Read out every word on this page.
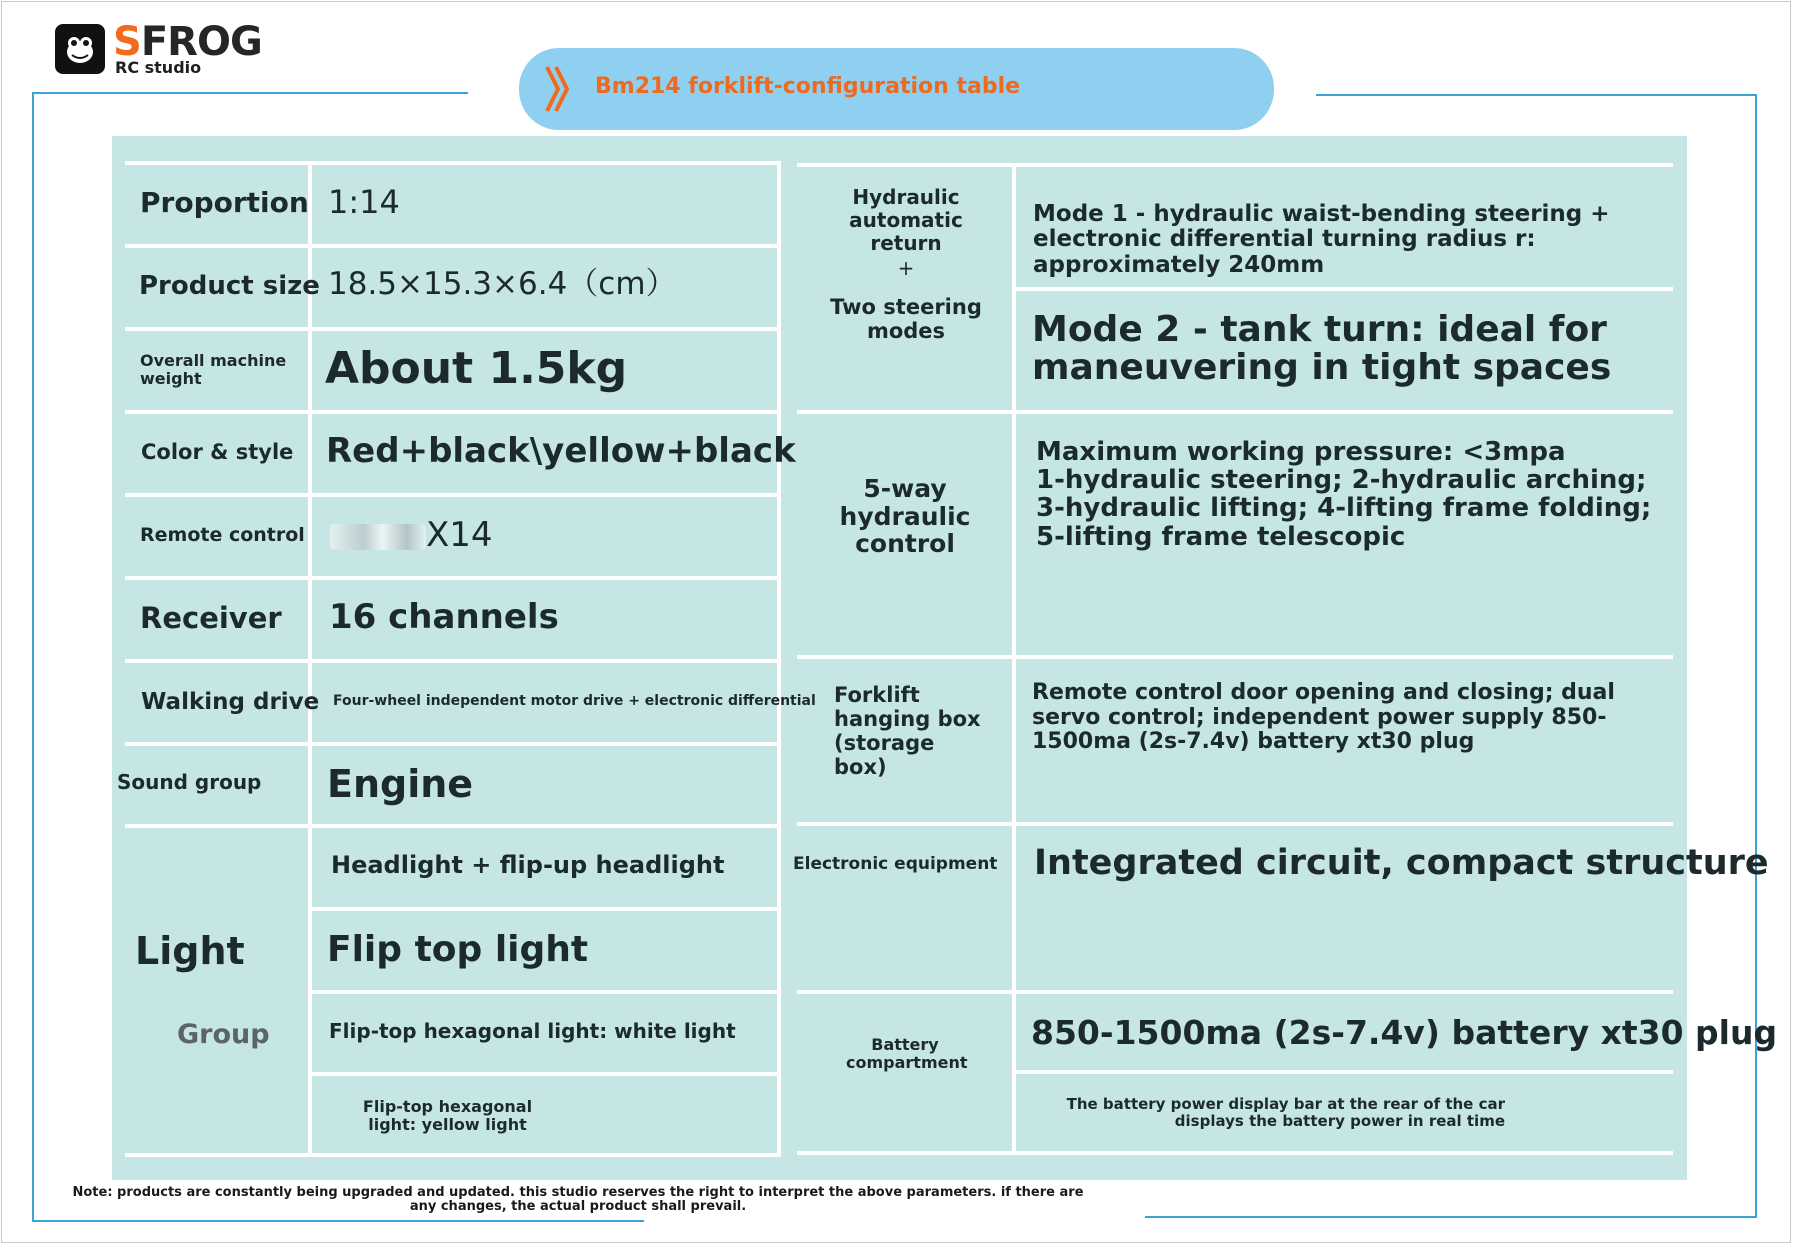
SFROG
RC studio
Bm214 forklift-configuration table
Proportion 1:14
Product size 18.5×15.3×6.4（cm）
Overall machine weight	About 1.5kg
Color & style Red+black\yellow+black
Remote control	X14
Receiver 16 channels
Walking drive Four-wheel independent motor drive + electronic differential
Sound group Engine
Light
Group
Headlight + flip-up headlight
Flip top light
Flip-top hexagonal light: white light
Flip-top hexagonal light: yellow light
Hydraulic automatic return
+
Two steering modes
Mode 1 - hydraulic waist-bending steering + electronic differential turning radius r: approximately 240mm
Mode 2 - tank turn: ideal for maneuvering in tight spaces
5-way hydraulic control
Maximum working pressure: <3mpa
1-hydraulic steering; 2-hydraulic arching;
3-hydraulic lifting; 4-lifting frame folding;
5-lifting frame telescopic
Forklift hanging box (storage box)
Remote control door opening and closing; dual servo control; independent power supply 850-1500ma (2s-7.4v) battery xt30 plug
Electronic equipment Integrated circuit, compact structure
Battery compartment
850-1500ma (2s-7.4v) battery xt30 plug
The battery power display bar at the rear of the car displays the battery power in real time
Note: products are constantly being upgraded and updated. this studio reserves the right to interpret the above parameters. if there are any changes, the actual product shall prevail.
